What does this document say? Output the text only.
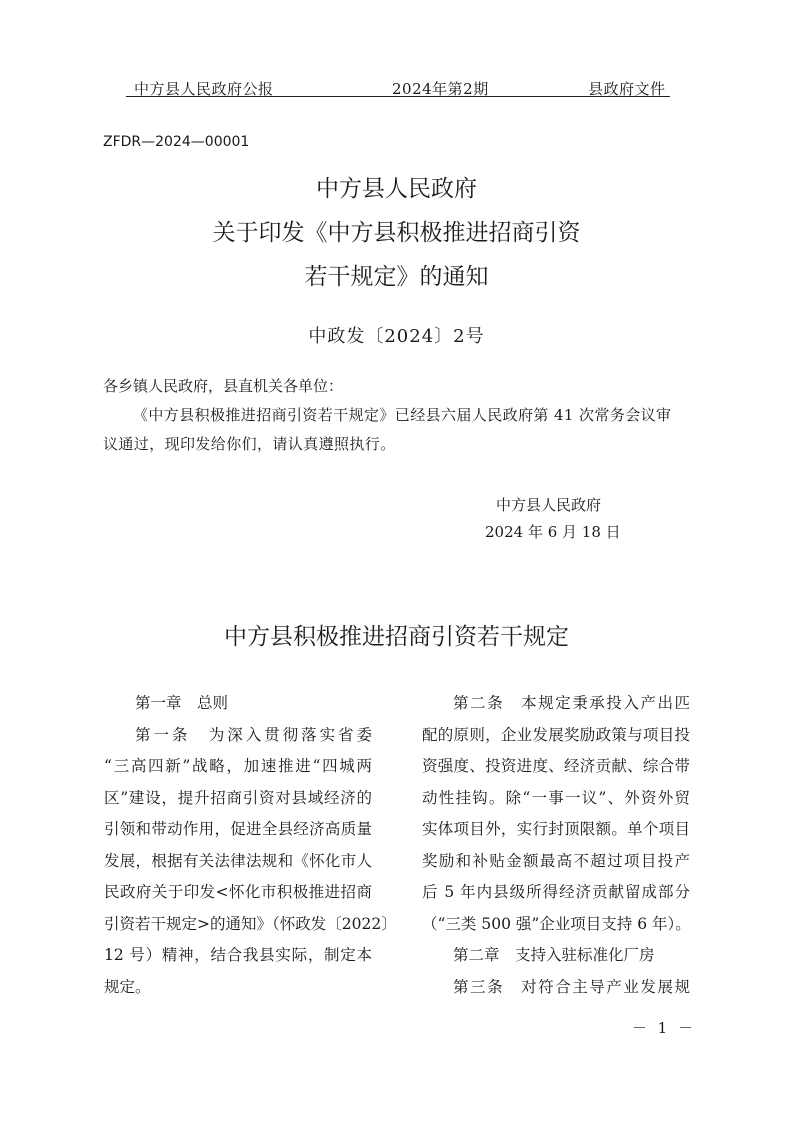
中方县人民政府公报	2024年第2期	县政府文件
ZFDR—2024—00001
中方县人民政府
关于印发《中方县积极推进招商引资
若干规定》的通知
中政发〔2024〕2号
各乡镇人民政府，县直机关各单位：
《中方县积极推进招商引资若干规定》已经县六届人民政府第 41 次常务会议审
议通过，现印发给你们，请认真遵照执行。
中方县人民政府
2024 年 6 月 18 日
中方县积极推进招商引资若干规定
第一章　总则
第一条　为深入贯彻落实省委
“三高四新”战略，加速推进“四城两
区”建设，提升招商引资对县域经济的
引领和带动作用，促进全县经济高质量
发展，根据有关法律法规和《怀化市人
民政府关于印发<怀化市积极推进招商
引资若干规定>的通知》（怀政发〔2022〕
12 号）精神，结合我县实际，制定本
规定。
第二条　本规定秉承投入产出匹
配的原则，企业发展奖励政策与项目投
资强度、投资进度、经济贡献、综合带
动性挂钩。除“一事一议”、外资外贸
实体项目外，实行封顶限额。单个项目
奖励和补贴金额最高不超过项目投产
后 5 年内县级所得经济贡献留成部分
（“三类 500 强”企业项目支持 6 年）。
第二章　支持入驻标准化厂房
第三条　对符合主导产业发展规
－ 1 －
